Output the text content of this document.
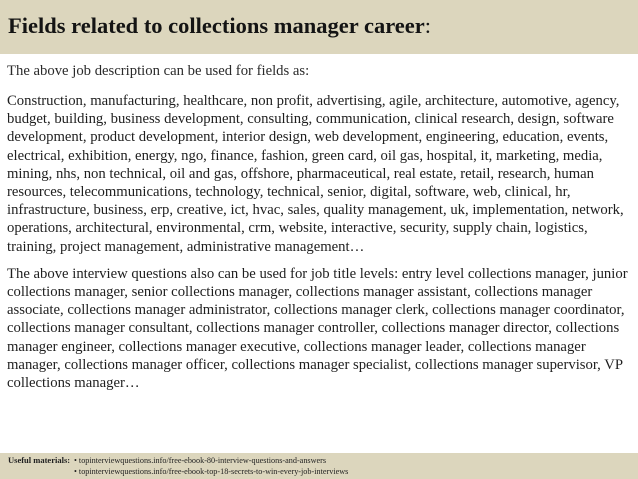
Fields related to collections manager career:

The above job description can be used for fields as:

Construction, manufacturing, healthcare, non profit, advertising, agile, architecture, automotive, agency, budget, building, business development, consulting, communication, clinical research, design, software development, product development, interior design, web development, engineering, education, events, electrical, exhibition, energy, ngo, finance, fashion, green card, oil gas, hospital, it, marketing, media, mining, nhs, non technical, oil and gas, offshore, pharmaceutical, real estate, retail, research, human resources, telecommunications, technology, technical, senior, digital, software, web, clinical, hr, infrastructure, business, erp, creative, ict, hvac, sales, quality management, uk, implementation, network, operations, architectural, environmental, crm, website, interactive, security, supply chain, logistics, training, project management, administrative management…

The above interview questions also can be used for job title levels: entry level collections manager, junior collections manager, senior collections manager, collections manager assistant, collections manager associate, collections manager administrator, collections manager clerk, collections manager coordinator, collections manager consultant, collections manager controller, collections manager director, collections manager engineer, collections manager executive, collections manager leader, collections manager manager, collections manager officer, collections manager specialist, collections manager supervisor, VP collections manager…

Useful materials: • topinterviewquestions.info/free-ebook-80-interview-questions-and-answers
• topinterviewquestions.info/free-ebook-top-18-secrets-to-win-every-job-interviews
